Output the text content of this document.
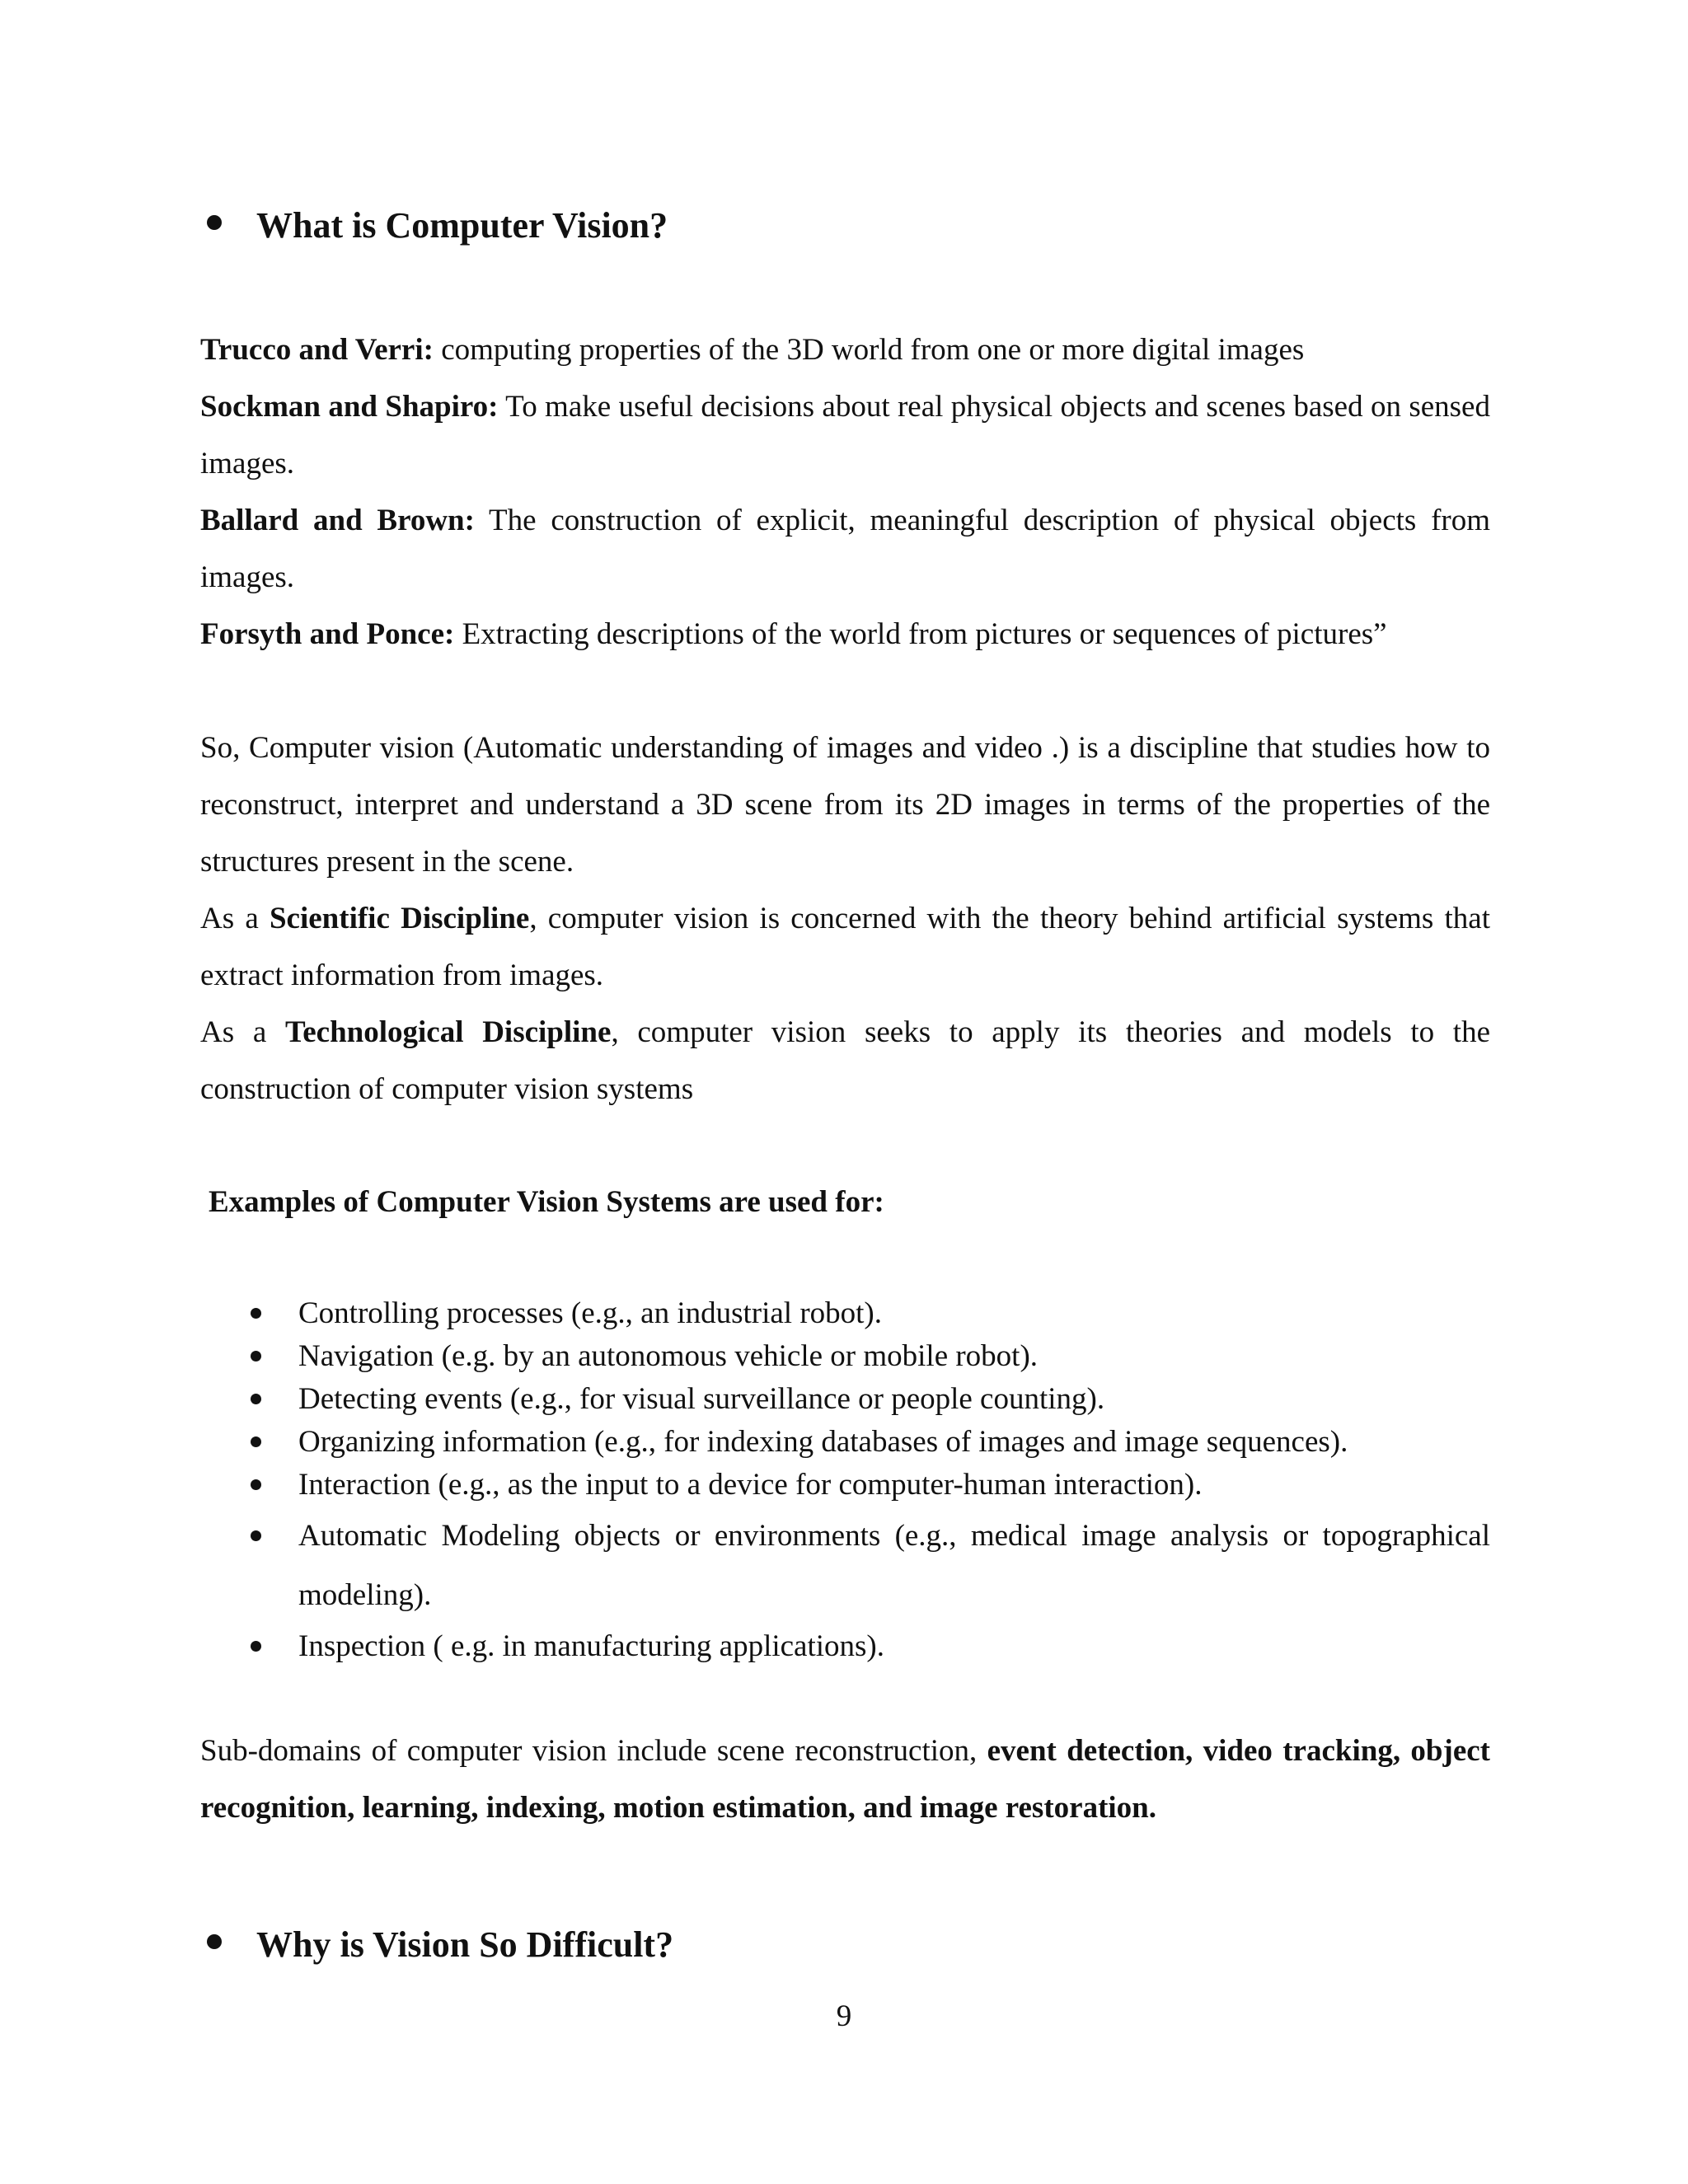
What is Computer Vision?
Trucco and Verri: computing properties of the 3D world from one or more digital images
Sockman and Shapiro: To make useful decisions about real physical objects and scenes based on sensed images.
Ballard and Brown: The construction of explicit, meaningful description of physical objects from images.
Forsyth and Ponce: Extracting descriptions of the world from pictures or sequences of pictures”
So, Computer vision (Automatic understanding of images and video .) is a discipline that studies how to reconstruct, interpret and understand a 3D scene from its 2D images in terms of the properties of the structures present in the scene.
As a Scientific Discipline, computer vision is concerned with the theory behind artificial systems that extract information from images.
As a Technological Discipline, computer vision seeks to apply its theories and models to the construction of computer vision systems
Examples of Computer Vision Systems are used for:
Controlling processes (e.g., an industrial robot).
Navigation (e.g. by an autonomous vehicle or mobile robot).
Detecting events (e.g., for visual surveillance or people counting).
Organizing information (e.g., for indexing databases of images and image sequences).
Interaction (e.g., as the input to a device for computer-human interaction).
Automatic Modeling objects or environments (e.g., medical image analysis or topographical modeling).
Inspection ( e.g. in manufacturing applications).
Sub-domains of computer vision include scene reconstruction, event detection, video tracking, object recognition, learning, indexing, motion estimation, and image restoration.
Why is Vision So Difficult?
9
